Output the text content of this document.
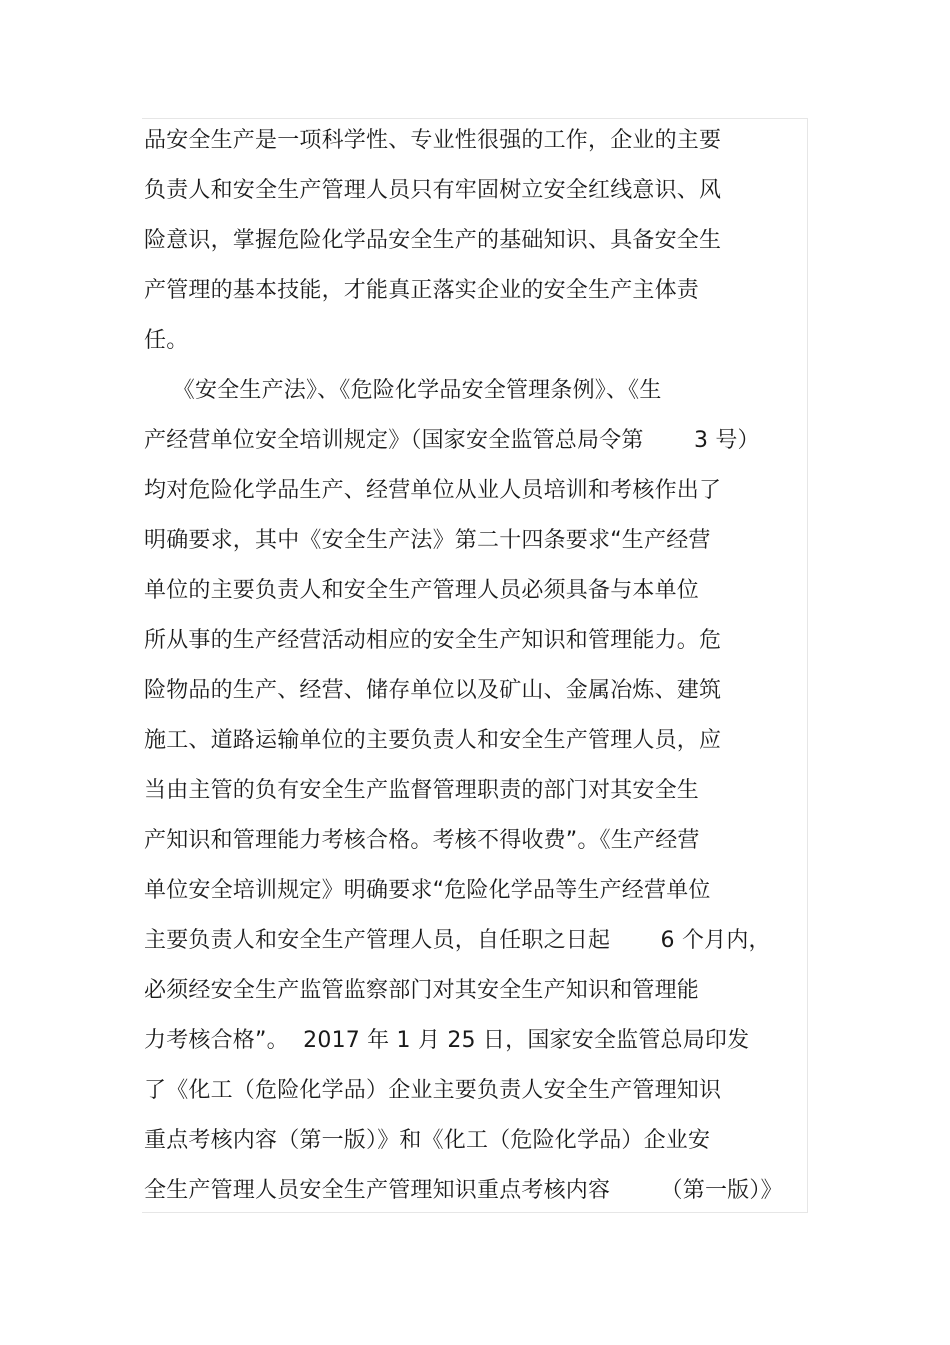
品安全生产是一项科学性、专业性很强的工作，企业的主要
负责人和安全生产管理人员只有牢固树立安全红线意识、风
险意识，掌握危险化学品安全生产的基础知识、具备安全生
产管理的基本技能，才能真正落实企业的安全生产主体责
任。
《安全生产法》、《危险化学品安全管理条例》、《生
产经营单位安全培训规定》（国家安全监管总局令第       3 号）
均对危险化学品生产、经营单位从业人员培训和考核作出了
明确要求，其中《安全生产法》第二十四条要求“生产经营
单位的主要负责人和安全生产管理人员必须具备与本单位
所从事的生产经营活动相应的安全生产知识和管理能力。危
险物品的生产、经营、储存单位以及矿山、金属冶炼、建筑
施工、道路运输单位的主要负责人和安全生产管理人员，应
当由主管的负有安全生产监督管理职责的部门对其安全生
产知识和管理能力考核合格。考核不得收费”。《生产经营
单位安全培训规定》明确要求“危险化学品等生产经营单位
主要负责人和安全生产管理人员，自任职之日起       6 个月内，
必须经安全生产监管监察部门对其安全生产知识和管理能
力考核合格”。  2017 年 1 月 25 日，国家安全监管总局印发
了《化工（危险化学品）企业主要负责人安全生产管理知识
重点考核内容（第一版）》和《化工（危险化学品）企业安
全生产管理人员安全生产管理知识重点考核内容       （第一版）》
